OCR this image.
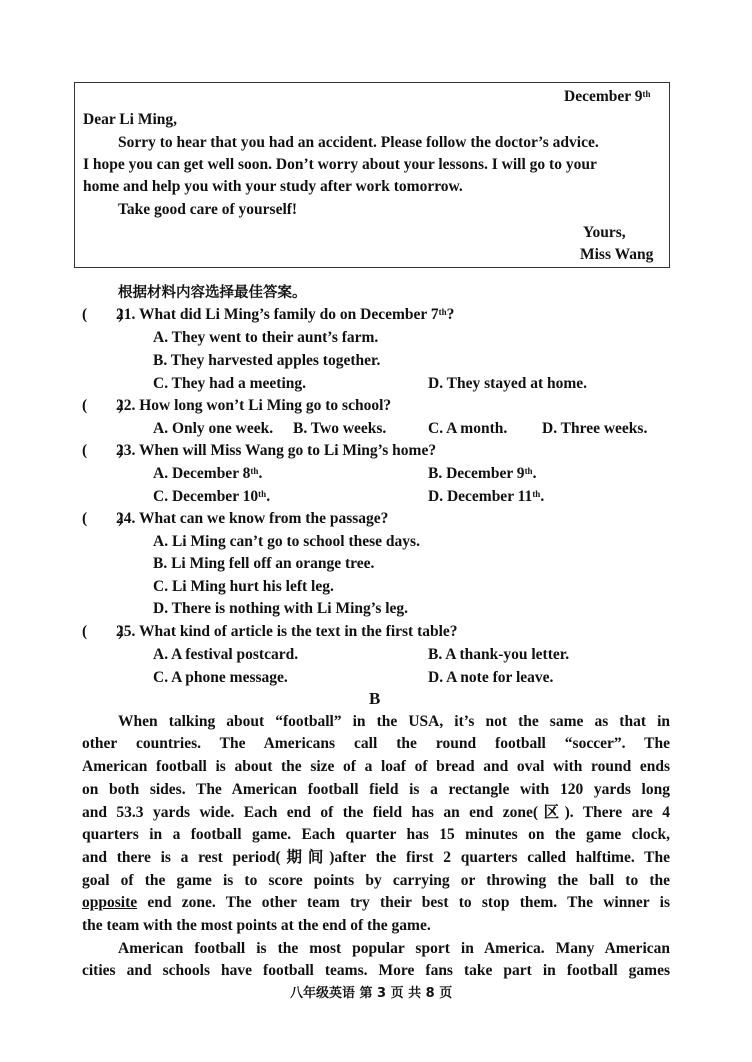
December 9th
Dear Li Ming,
Sorry to hear that you had an accident. Please follow the doctor’s advice.
I hope you can get well soon. Don’t worry about your lessons. I will go to your
home and help you with your study after work tomorrow.
Take good care of yourself!
Yours,
Miss Wang
根据材料内容选择最佳答案。
(　　)
21. What did Li Ming’s family do on December 7th?
A. They went to their aunt’s farm.
B. They harvested apples together.
C. They had a meeting.	D. They stayed at home.
(　　)
22. How long won’t Li Ming go to school?
A. Only one week. B. Two weeks.	C. A month. D. Three weeks.
(　　)
23. When will Miss Wang go to Li Ming’s home?
A. December 8th.	B. December 9th.
C. December 10th.	D. December 11th.
(　　)
24. What can we know from the passage?
A. Li Ming can’t go to school these days.
B. Li Ming fell off an orange tree.
C. Li Ming hurt his left leg.
D. There is nothing with Li Ming’s leg.
(　　)
25. What kind of article is the text in the first table?
A. A festival postcard.	B. A thank-you letter.
C. A phone message.	D. A note for leave.
B
When talking about “football” in the USA, it’s not the same as that in
other countries. The Americans call the round football “soccer”. The
American football is about the size of a loaf of bread and oval with round ends
on both sides. The American football field is a rectangle with 120 yards long
and 53.3 yards wide. Each end of the field has an end zone(区). There are 4
quarters in a football game. Each quarter has 15 minutes on the game clock,
and there is a rest period(期间)after the first 2 quarters called halftime. The
goal of the game is to score points by carrying or throwing the ball to the
opposite end zone. The other team try their best to stop them. The winner is
the team with the most points at the end of the game.
American football is the most popular sport in America. Many American
cities and schools have football teams. More fans take part in football games
八年级英语 第 3 页 共 8 页
